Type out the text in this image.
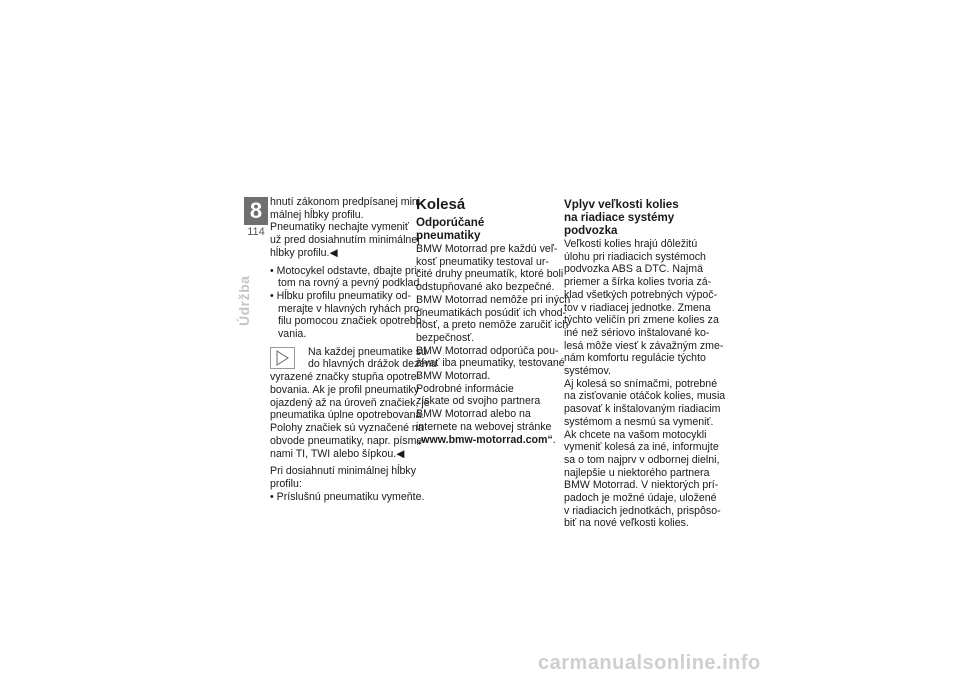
8
114
Údržba
hnutí zákonom predpísanej mini-
málnej hĺbky profilu.
Pneumatiky nechajte vymeniť
už pred dosiahnutím minimálnej
hĺbky profilu.◀
• Motocykel odstavte, dbajte pri-
tom na rovný a pevný podklad.
• Hĺbku profilu pneumatiky od-
merajte v hlavných ryhách pro-
filu pomocou značiek opotrebo-
vania.
Na každej pneumatike sú
do hlavných drážok dezénu
vyrazené značky stupňa opotre-
bovania. Ak je profil pneumatiky
ojazdený až na úroveň značiek, je
pneumatika úplne opotrebovaná.
Polohy značiek sú vyznačené na
obvode pneumatiky, napr. písme-
nami TI, TWI alebo šípkou.◀
Pri dosiahnutí minimálnej hĺbky
profilu:
• Príslušnú pneumatiku vymeňte.
Kolesá
Odporúčané pneumatiky
BMW Motorrad pre každú veľ-
kosť pneumatiky testoval ur-
čité druhy pneumatík, ktoré boli
odstupňované ako bezpečné.
BMW Motorrad nemôže pri iných
pneumatikách posúdiť ich vhod-
nosť, a preto nemôže zaručiť ich
bezpečnosť.
BMW Motorrad odporúča pou-
žívať iba pneumatiky, testované
BMW Motorrad.
Podrobné informácie
získate od svojho partnera
BMW Motorrad alebo na
internete na webovej stránke
„www.bmw-motorrad.com“.
Vplyv veľkosti kolies
na riadiace systémy
podvozka
Veľkosti kolies hrajú dôležitú
úlohu pri riadiacich systémoch
podvozka ABS a DTC. Najmä
priemer a šírka kolies tvoria zá-
klad všetkých potrebných výpoč-
tov v riadiacej jednotke. Zmena
týchto veličín pri zmene kolies za
iné než sériovo inštalované ko-
lesá môže viesť k závažným zme-
nám komfortu regulácie týchto
systémov.
Aj kolesá so snímačmi, potrebné
na zisťovanie otáčok kolies, musia
pasovať k inštalovaným riadiacim
systémom a nesmú sa vymeniť.
Ak chcete na vašom motocykli
vymeniť kolesá za iné, informujte
sa o tom najprv v odbornej dielni,
najlepšie u niektorého partnera
BMW Motorrad. V niektorých prí-
padoch je možné údaje, uložené
v riadiacich jednotkách, prispôso-
biť na nové veľkosti kolies.
carmanualsonline.info
